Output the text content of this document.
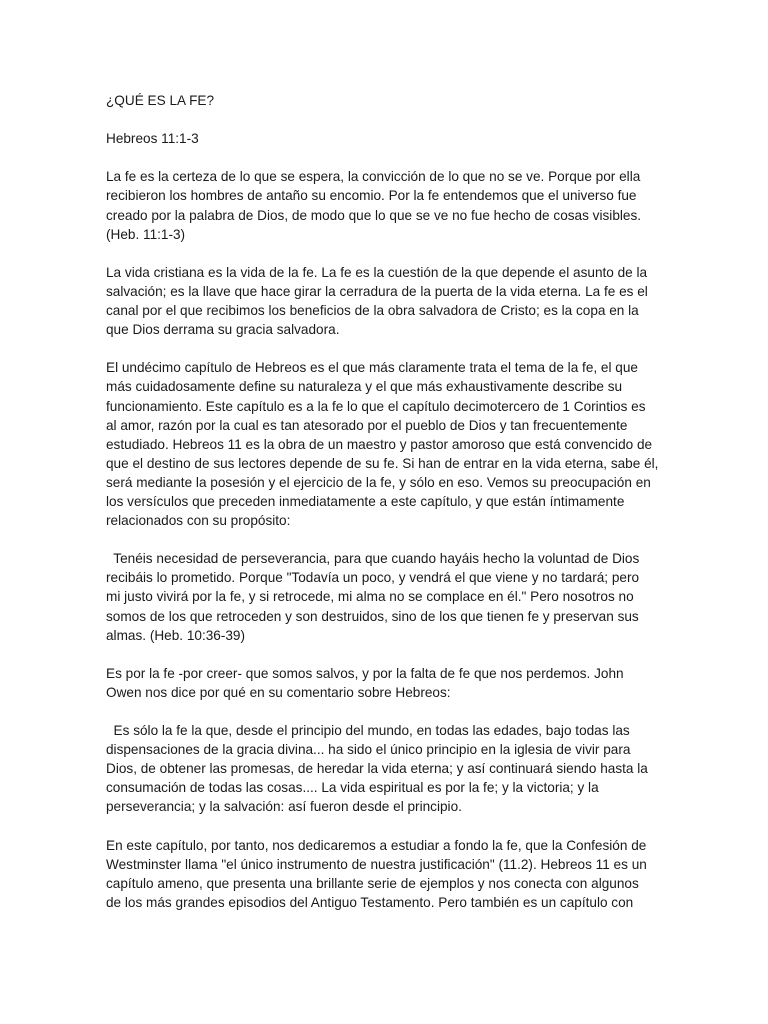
¿QUÉ ES LA FE?

Hebreos 11:1-3

La fe es la certeza de lo que se espera, la convicción de lo que no se ve. Porque por ella
recibieron los hombres de antaño su encomio. Por la fe entendemos que el universo fue
creado por la palabra de Dios, de modo que lo que se ve no fue hecho de cosas visibles.
(Heb. 11:1-3)
La vida cristiana es la vida de la fe. La fe es la cuestión de la que depende el asunto de la
salvación; es la llave que hace girar la cerradura de la puerta de la vida eterna. La fe es el
canal por el que recibimos los beneficios de la obra salvadora de Cristo; es la copa en la
que Dios derrama su gracia salvadora.
El undécimo capítulo de Hebreos es el que más claramente trata el tema de la fe, el que
más cuidadosamente define su naturaleza y el que más exhaustivamente describe su
funcionamiento. Este capítulo es a la fe lo que el capítulo decimotercero de 1 Corintios es
al amor, razón por la cual es tan atesorado por el pueblo de Dios y tan frecuentemente
estudiado. Hebreos 11 es la obra de un maestro y pastor amoroso que está convencido de
que el destino de sus lectores depende de su fe. Si han de entrar en la vida eterna, sabe él,
será mediante la posesión y el ejercicio de la fe, y sólo en eso. Vemos su preocupación en
los versículos que preceden inmediatamente a este capítulo, y que están íntimamente
relacionados con su propósito:
Tenéis necesidad de perseverancia, para que cuando hayáis hecho la voluntad de Dios
recibáis lo prometido. Porque "Todavía un poco, y vendrá el que viene y no tardará; pero
mi justo vivirá por la fe, y si retrocede, mi alma no se complace en él." Pero nosotros no
somos de los que retroceden y son destruidos, sino de los que tienen fe y preservan sus
almas. (Heb. 10:36-39)
Es por la fe -por creer- que somos salvos, y por la falta de fe que nos perdemos. John
Owen nos dice por qué en su comentario sobre Hebreos:
Es sólo la fe la que, desde el principio del mundo, en todas las edades, bajo todas las
dispensaciones de la gracia divina... ha sido el único principio en la iglesia de vivir para
Dios, de obtener las promesas, de heredar la vida eterna; y así continuará siendo hasta la
consumación de todas las cosas.... La vida espiritual es por la fe; y la victoria; y la
perseverancia; y la salvación: así fueron desde el principio.
En este capítulo, por tanto, nos dedicaremos a estudiar a fondo la fe, que la Confesión de
Westminster llama "el único instrumento de nuestra justificación" (11.2). Hebreos 11 es un
capítulo ameno, que presenta una brillante serie de ejemplos y nos conecta con algunos
de los más grandes episodios del Antiguo Testamento. Pero también es un capítulo con
